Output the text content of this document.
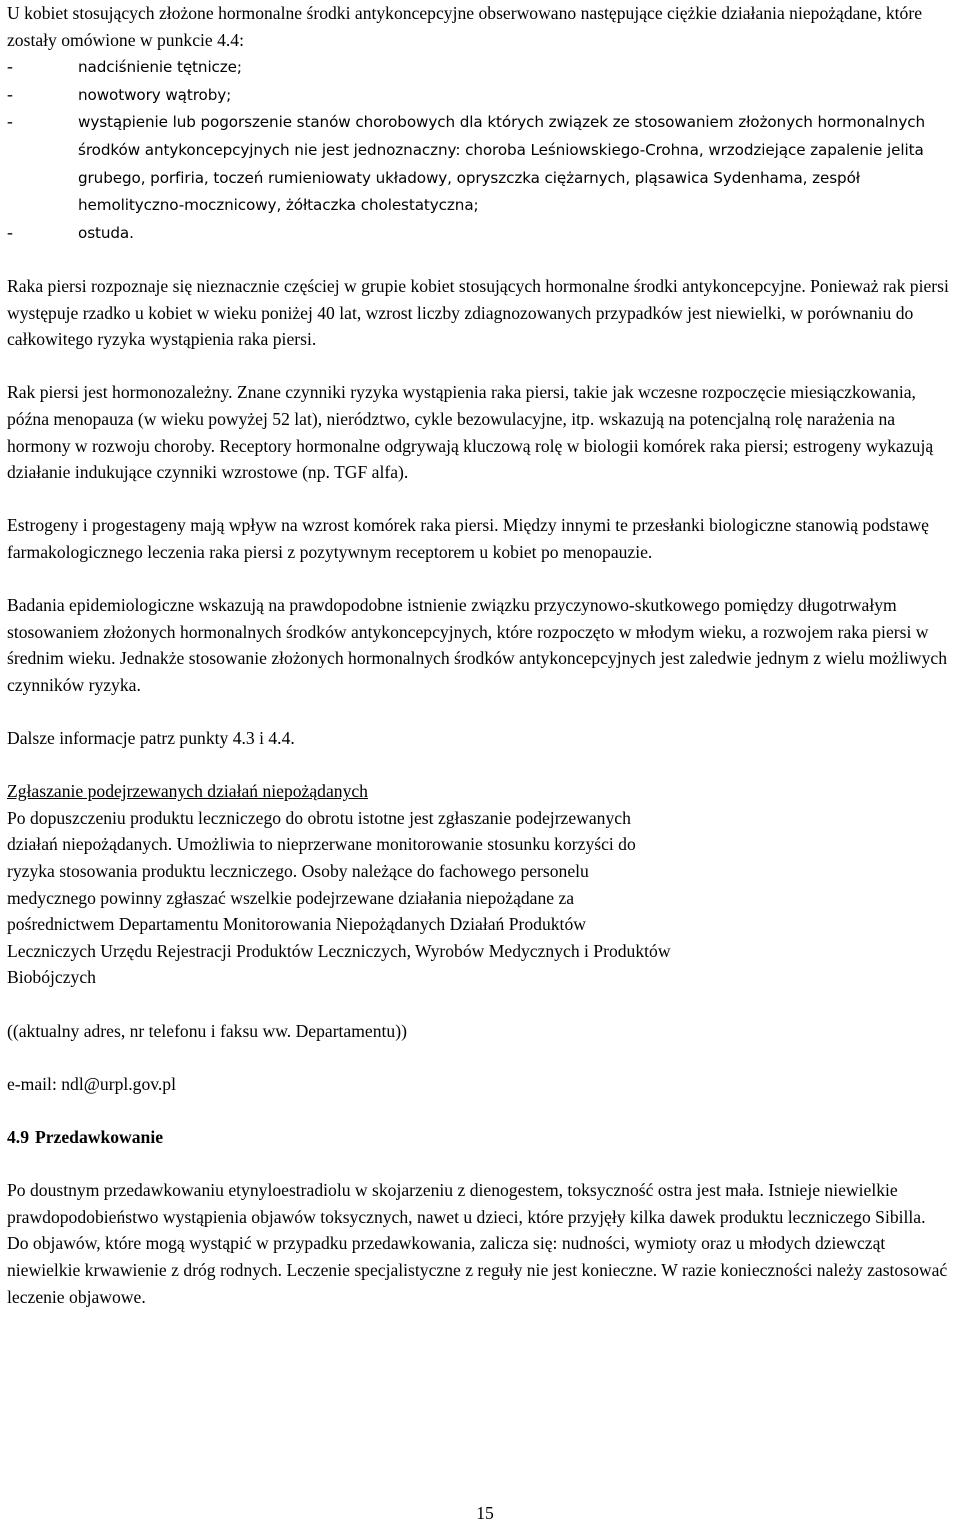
U kobiet stosujących złożone hormonalne środki antykoncepcyjne obserwowano następujące ciężkie działania niepożądane, które zostały omówione w punkcie 4.4:

-	nadciśnienie tętnicze;
-	nowotwory wątroby;
-	wystąpienie lub pogorszenie stanów chorobowych dla których związek ze stosowaniem złożonych hormonalnych środków antykoncepcyjnych nie jest jednoznaczny: choroba Leśniowskiego-Crohna, wrzodziejące zapalenie jelita grubego, porfiria, toczeń rumieniowaty układowy, opryszczka ciężarnych, pląsawica Sydenhama, zespół hemolityczno-mocznicowy, żółtaczka cholestatyczna;
-	ostuda.

Raka piersi rozpoznaje się nieznacznie częściej w grupie kobiet stosujących hormonalne środki antykoncepcyjne. Ponieważ rak piersi występuje rzadko u kobiet w wieku poniżej 40 lat, wzrost liczby zdiagnozowanych przypadków jest niewielki, w porównaniu do całkowitego ryzyka wystąpienia raka piersi.

Rak piersi jest hormonozależny. Znane czynniki ryzyka wystąpienia raka piersi, takie jak wczesne rozpoczęcie miesiączkowania, późna menopauza (w wieku powyżej 52 lat), nierództwo, cykle bezowulacyjne, itp. wskazują na potencjalną rolę narażenia na hormony w rozwoju choroby. Receptory hormonalne odgrywają kluczową rolę w biologii komórek raka piersi; estrogeny wykazują działanie indukujące czynniki wzrostowe (np. TGF alfa).

Estrogeny i progestageny mają wpływ na wzrost komórek raka piersi. Między innymi te przesłanki biologiczne stanowią podstawę farmakologicznego leczenia raka piersi z pozytywnym receptorem u kobiet po menopauzie.

Badania epidemiologiczne wskazują na prawdopodobne istnienie związku przyczynowo-skutkowego pomiędzy długotrwałym stosowaniem złożonych hormonalnych środków antykoncepcyjnych, które rozpoczęto w młodym wieku, a rozwojem raka piersi w średnim wieku. Jednakże stosowanie złożonych hormonalnych środków antykoncepcyjnych jest zaledwie jednym z wielu możliwych czynników ryzyka.

Dalsze informacje patrz punkty 4.3 i 4.4.

Zgłaszanie podejrzewanych działań niepożądanych

Po dopuszczeniu produktu leczniczego do obrotu istotne jest zgłaszanie podejrzewanych

działań niepożądanych. Umożliwia to nieprzerwane monitorowanie stosunku korzyści do

ryzyka stosowania produktu leczniczego. Osoby należące do fachowego personelu

medycznego powinny zgłaszać wszelkie podejrzewane działania niepożądane za

pośrednictwem Departamentu Monitorowania Niepożądanych Działań Produktów

Leczniczych Urzędu Rejestracji Produktów Leczniczych, Wyrobów Medycznych i Produktów

Biobójczych

((aktualny adres, nr telefonu i faksu ww. Departamentu))

e-mail: ndl@urpl.gov.pl

4.9 Przedawkowanie

Po doustnym przedawkowaniu etynyloestradiolu w skojarzeniu z dienogestem, toksyczność ostra jest mała. Istnieje niewielkie prawdopodobieństwo wystąpienia objawów toksycznych, nawet u dzieci, które przyjęły kilka dawek produktu leczniczego Sibilla.

Do objawów, które mogą wystąpić w przypadku przedawkowania, zalicza się: nudności, wymioty oraz u młodych dziewcząt niewielkie krwawienie z dróg rodnych. Leczenie specjalistyczne z reguły nie jest konieczne. W razie konieczności należy zastosować leczenie objawowe.

15
